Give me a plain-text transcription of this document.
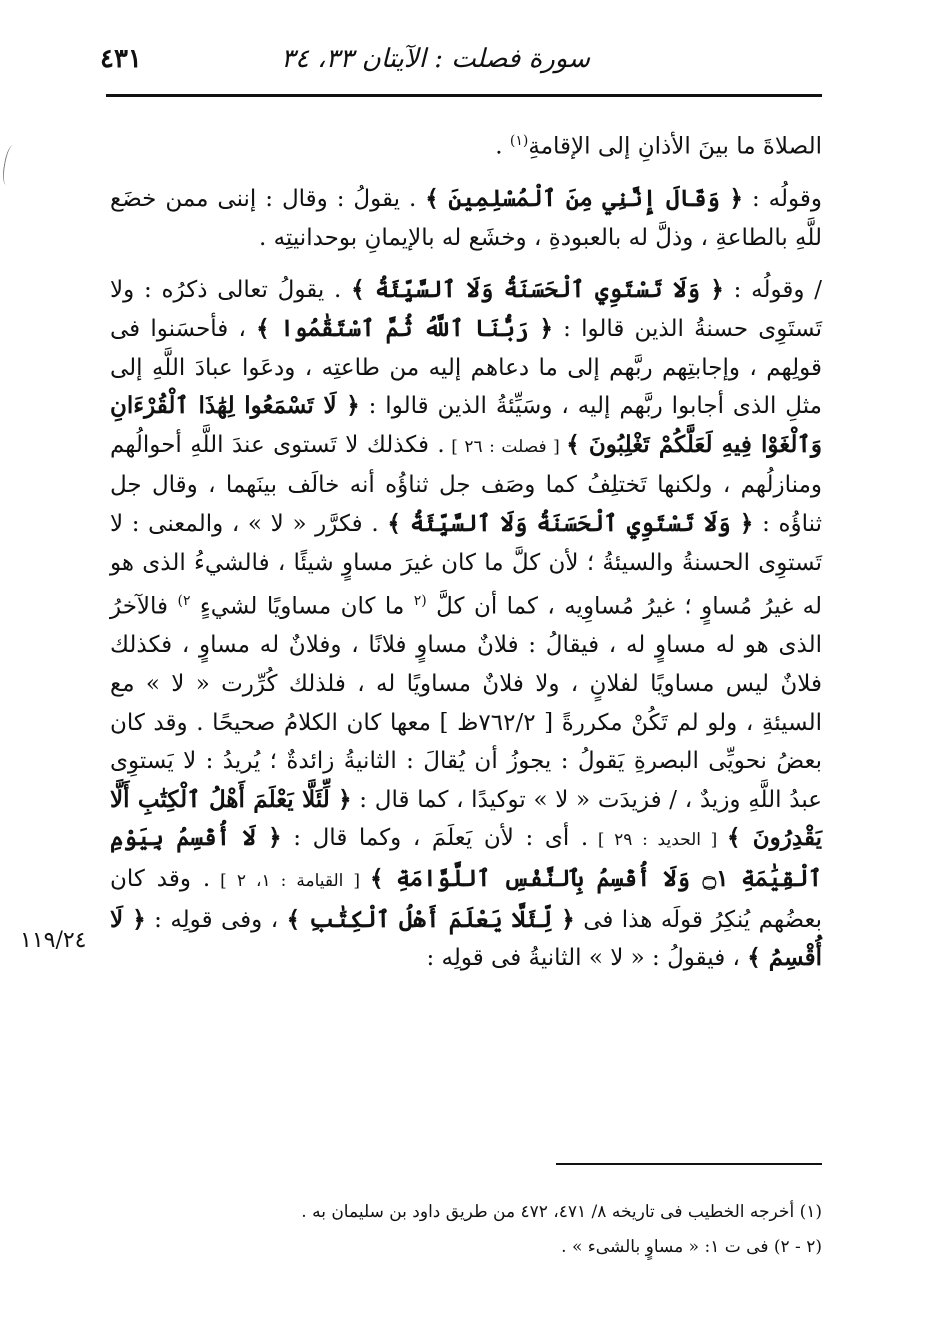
سورة فصلت : الآيتان ٣٣، ٣٤
٤٣١
١١٩/٢٤

الصلاةَ ما بينَ الأذانِ إلى الإقامةِ$^{(١)}$ .

وقولُه : ﴿ وَقَالَ إِنَّنِي مِنَ ٱلْمُسْلِمِينَ ﴾ . يقولُ : وقال : إننى ممن خضَع للَّهِ بالطاعةِ ، وذلَّ له بالعبودةِ ، وخشَع له بالإيمانِ بوحدانيتِه .

/ وقولُه : ﴿ وَلَا تَسْتَوِي ٱلْحَسَنَةُ وَلَا ٱلسَّيِّئَةُ ﴾ . يقولُ تعالى ذكرُه : ولا تَستَوِى حسنةُ الذين قالوا : ﴿ رَبُّنَا ٱللَّهُ ثُمَّ ٱسْتَقَٰمُوا ﴾ ، فأحسَنوا فى قولِهم ، وإجابتِهم ربَّهم إلى ما دعاهم إليه من طاعتِه ، ودعَوا عبادَ اللَّهِ إلى مثلِ الذى أجابوا ربَّهم إليه ، وسَيِّئةُ الذين قالوا : ﴿ لَا تَسْمَعُوا لِهَٰذَا ٱلْقُرْءَانِ وَٱلْغَوْا فِيهِ لَعَلَّكُمْ تَغْلِبُونَ ﴾ [ فصلت : ٢٦ ] . فكذلك لا تَستوى عندَ اللَّهِ أحوالُهم ومنازلُهم ، ولكنها تَختلِفُ كما وصَف جل ثناؤُه أنه خالَف بينَهما ، وقال جل ثناؤُه : ﴿ وَلَا تَسْتَوِي ٱلْحَسَنَةُ وَلَا ٱلسَّيِّئَةُ ﴾ . فكرَّر « لا » ، والمعنى : لا تَستوِى الحسنةُ والسيئةُ ؛ لأن كلَّ ما كان غيرَ مساوٍ شيئًا ، فالشيءُ الذى هو له غيرُ مُساوٍ ؛ غيرُ مُساوِيه ، كما أن كلَّ $^{(٢}$ ما كان مساويًا لشيءٍ $^{٢)}$ فالآخرُ الذى هو له مساوٍ له ، فيقالُ : فلانٌ مساوٍ فلانًا ، وفلانٌ له مساوٍ ، فكذلك فلانٌ ليس مساويًا لفلانٍ ، ولا فلانٌ مساويًا له ، فلذلك كُرِّرت « لا » مع السيئةِ ، ولو لم تَكُنْ مكررةً [ ٧٦٢/٢ظ ] معها كان الكلامُ صحيحًا . وقد كان بعضُ نحويِّى البصرةِ يَقولُ : يجوزُ أن يُقالَ : الثانيةُ زائدةٌ ؛ يُريدُ : لا يَستوِى عبدُ اللَّهِ وزيدٌ ، / فزيدَت « لا » توكيدًا ، كما قال : ﴿ لِّئَلَّا يَعْلَمَ أَهْلُ ٱلْكِتَٰبِ أَلَّا يَقْدِرُونَ ﴾ [ الحديد : ٢٩ ] . أى : لأن يَعلَمَ ، وكما قال : ﴿ لَا أُقْسِمُ بِيَوْمِ ٱلْقِيَٰمَةِ ۝١ وَلَا أُقْسِمُ بِٱلنَّفْسِ ٱللَّوَّامَةِ ﴾ [ القيامة : ١، ٢ ] . وقد كان بعضُهم يُنكِرُ قولَه هذا فى ﴿ لِّئَلَّا يَعْلَمَ أَهْلُ ٱلْكِتَٰبِ ﴾ ، وفى قولِه : ﴿ لَا أُقْسِمُ ﴾ ، فيقولُ : « لا » الثانيةُ فى قولِه :

(١) أخرجه الخطيب فى تاريخه ٨/ ٤٧١، ٤٧٢ من طريق داود بن سليمان به .

(٢ - ٢) فى ت ١: « مساوٍ بالشىء » .
